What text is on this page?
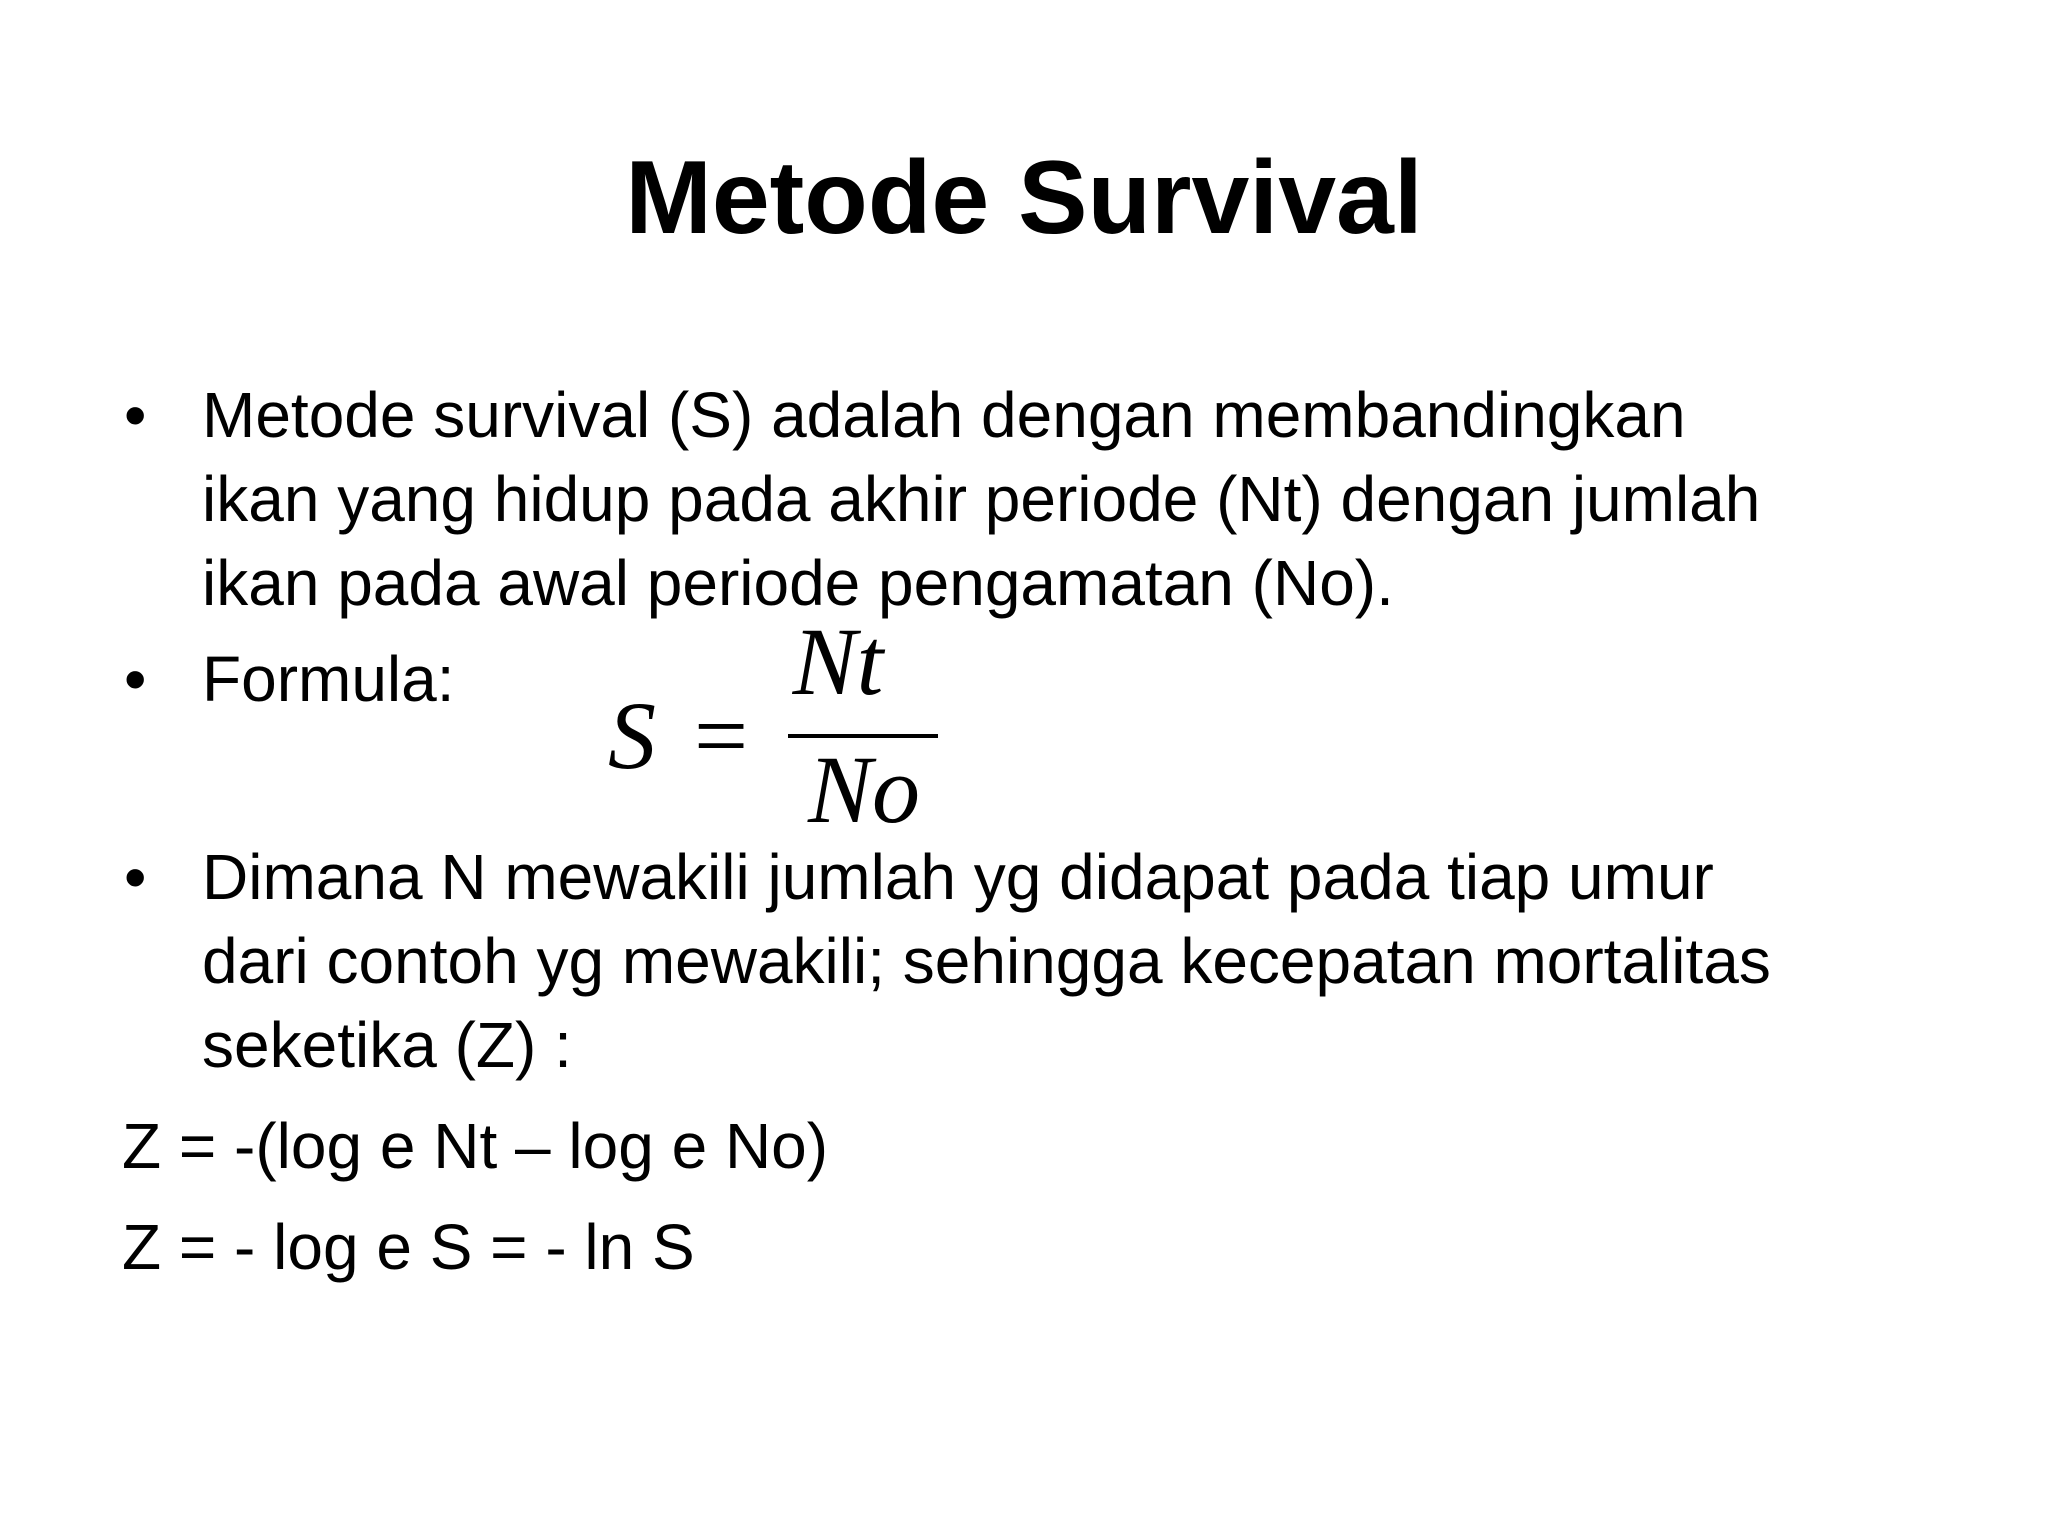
Metode Survival
• Metode survival (S) adalah dengan membandingkan
ikan yang hidup pada akhir periode (Nt) dengan jumlah
ikan pada awal periode pengamatan (No).
• Formula:
S =
Nt
No
• Dimana N mewakili jumlah yg didapat pada tiap umur
dari contoh yg mewakili; sehingga kecepatan mortalitas
seketika (Z) :
Z = -(log e Nt – log e No)
Z = - log e S = - ln S
